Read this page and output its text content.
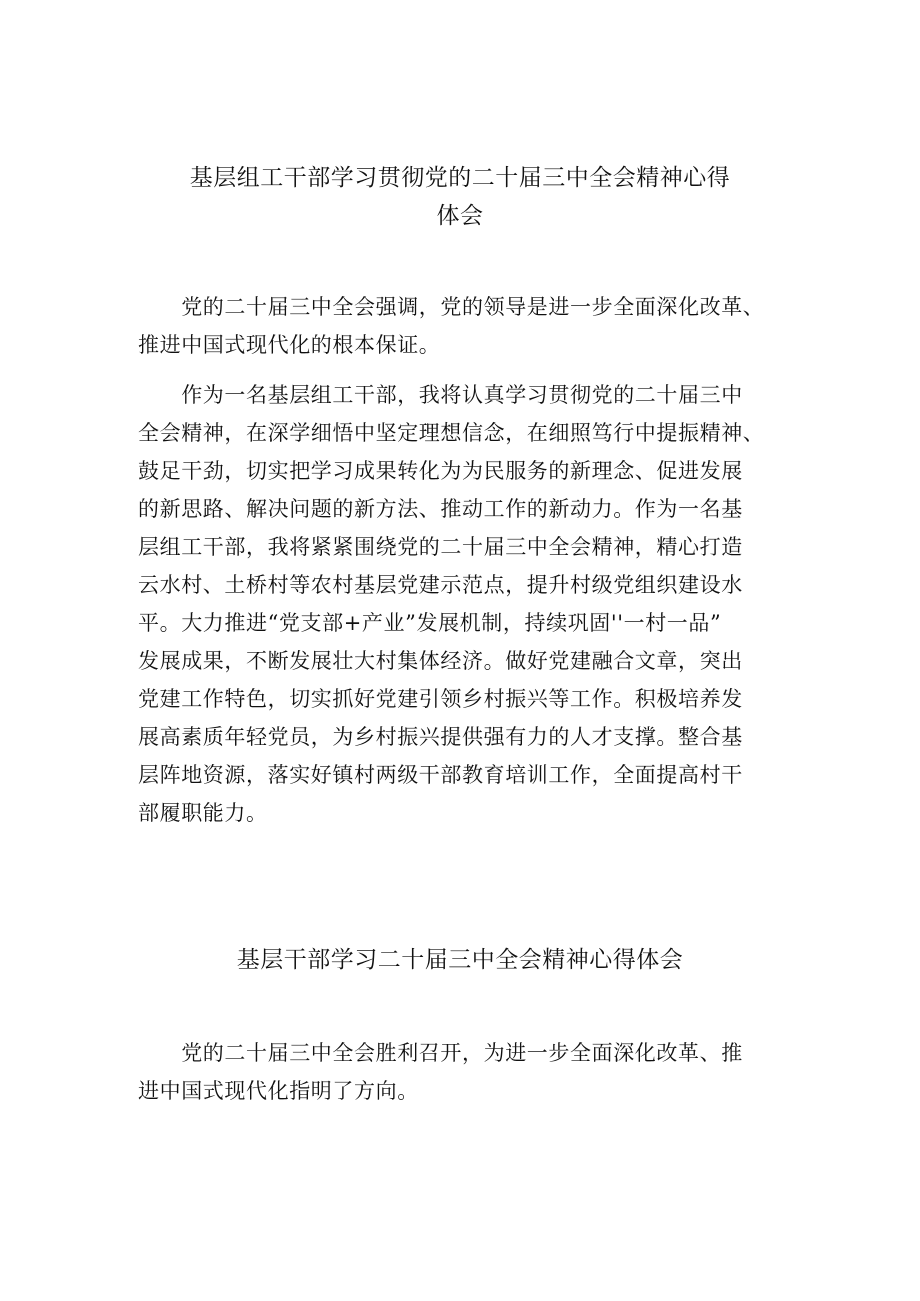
基层组工干部学习贯彻党的二十届三中全会精神心得
体会

　　党的二十届三中全会强调，党的领导是进一步全面深化改革、
推进中国式现代化的根本保证。

　　作为一名基层组工干部，我将认真学习贯彻党的二十届三中
全会精神，在深学细悟中坚定理想信念，在细照笃行中提振精神、
鼓足干劲，切实把学习成果转化为为民服务的新理念、促进发展
的新思路、解决问题的新方法、推动工作的新动力。作为一名基
层组工干部，我将紧紧围绕党的二十届三中全会精神，精心打造
云水村、土桥村等农村基层党建示范点，提升村级党组织建设水
平。大力推进“党支部+产业”发展机制，持续巩固''一村一品”
发展成果，不断发展壮大村集体经济。做好党建融合文章，突出
党建工作特色，切实抓好党建引领乡村振兴等工作。积极培养发
展高素质年轻党员，为乡村振兴提供强有力的人才支撑。整合基
层阵地资源，落实好镇村两级干部教育培训工作，全面提高村干
部履职能力。

基层干部学习二十届三中全会精神心得体会

　　党的二十届三中全会胜利召开，为进一步全面深化改革、推
进中国式现代化指明了方向。
